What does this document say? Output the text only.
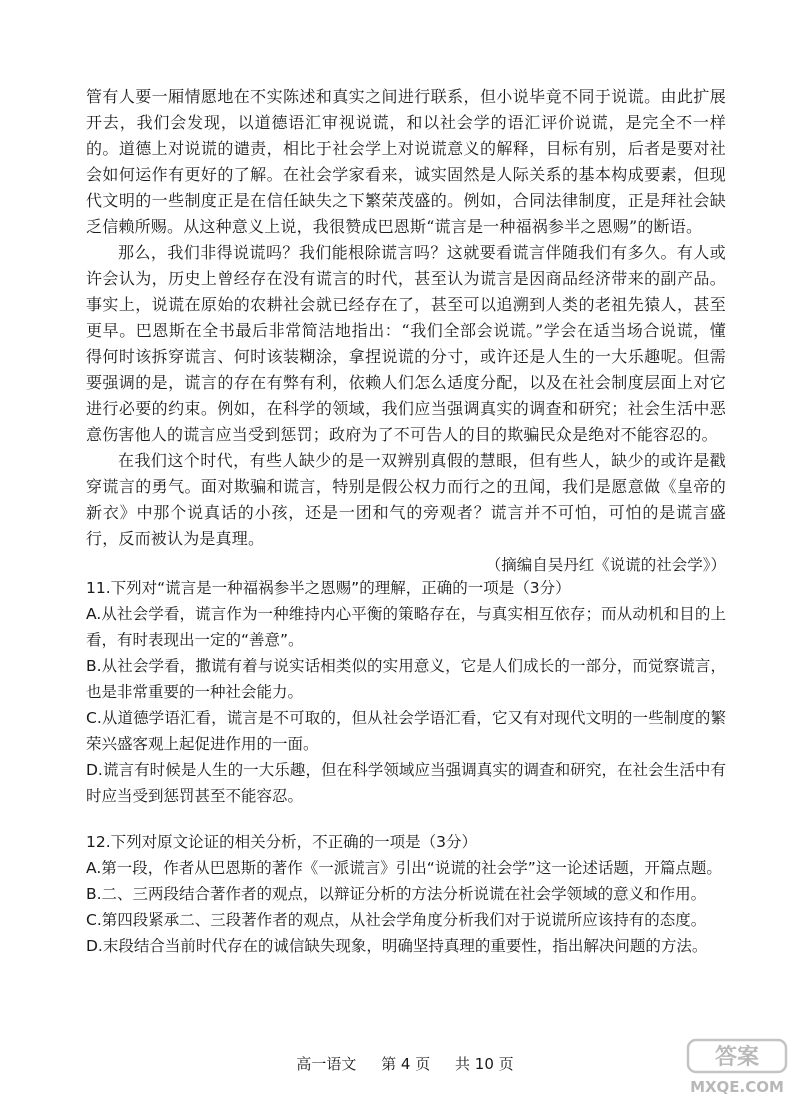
管有人要一厢情愿地在不实陈述和真实之间进行联系，但小说毕竟不同于说谎。由此扩展开去，我们会发现，以道德语汇审视说谎，和以社会学的语汇评价说谎，是完全不一样的。道德上对说谎的谴责，相比于社会学上对说谎意义的解释，目标有别，后者是要对社会如何运作有更好的了解。在社会学家看来，诚实固然是人际关系的基本构成要素，但现代文明的一些制度正是在信任缺失之下繁荣茂盛的。例如，合同法律制度，正是拜社会缺乏信赖所赐。从这种意义上说，我很赞成巴恩斯“谎言是一种福祸参半之恩赐”的断语。

那么，我们非得说谎吗？我们能根除谎言吗？这就要看谎言伴随我们有多久。有人或许会认为，历史上曾经存在没有谎言的时代，甚至认为谎言是因商品经济带来的副产品。事实上，说谎在原始的农耕社会就已经存在了，甚至可以追溯到人类的老祖先猿人，甚至更早。巴恩斯在全书最后非常简洁地指出：“我们全部会说谎。”学会在适当场合说谎，懂得何时该拆穿谎言、何时该装糊涂，拿捏说谎的分寸，或许还是人生的一大乐趣呢。但需要强调的是，谎言的存在有弊有利，依赖人们怎么适度分配，以及在社会制度层面上对它进行必要的约束。例如，在科学的领域，我们应当强调真实的调查和研究；社会生活中恶意伤害他人的谎言应当受到惩罚；政府为了不可告人的目的欺骗民众是绝对不能容忍的。

在我们这个时代，有些人缺少的是一双辨别真假的慧眼，但有些人，缺少的或许是戳穿谎言的勇气。面对欺骗和谎言，特别是假公权力而行之的丑闻，我们是愿意做《皇帝的新衣》中那个说真话的小孩，还是一团和气的旁观者？谎言并不可怕，可怕的是谎言盛行，反而被认为是真理。

（摘编自吴丹红《说谎的社会学》）

11.下列对“谎言是一种福祸参半之恩赐”的理解，正确的一项是（3分）

A.从社会学看，谎言作为一种维持内心平衡的策略存在，与真实相互依存；而从动机和目的上看，有时表现出一定的“善意”。

B.从社会学看，撒谎有着与说实话相类似的实用意义，它是人们成长的一部分，而觉察谎言，也是非常重要的一种社会能力。

C.从道德学语汇看，谎言是不可取的，但从社会学语汇看，它又有对现代文明的一些制度的繁荣兴盛客观上起促进作用的一面。

D.谎言有时候是人生的一大乐趣，但在科学领域应当强调真实的调查和研究，在社会生活中有时应当受到惩罚甚至不能容忍。

12.下列对原文论证的相关分析，不正确的一项是（3分）

A.第一段，作者从巴恩斯的著作《一派谎言》引出“说谎的社会学”这一论述话题，开篇点题。

B.二、三两段结合著作者的观点，以辩证分析的方法分析说谎在社会学领域的意义和作用。

C.第四段紧承二、三段著作者的观点，从社会学角度分析我们对于说谎所应该持有的态度。

D.末段结合当前时代存在的诚信缺失现象，明确坚持真理的重要性，指出解决问题的方法。

高一语文 第 4 页 共 10 页	答案
MXQE.COM
